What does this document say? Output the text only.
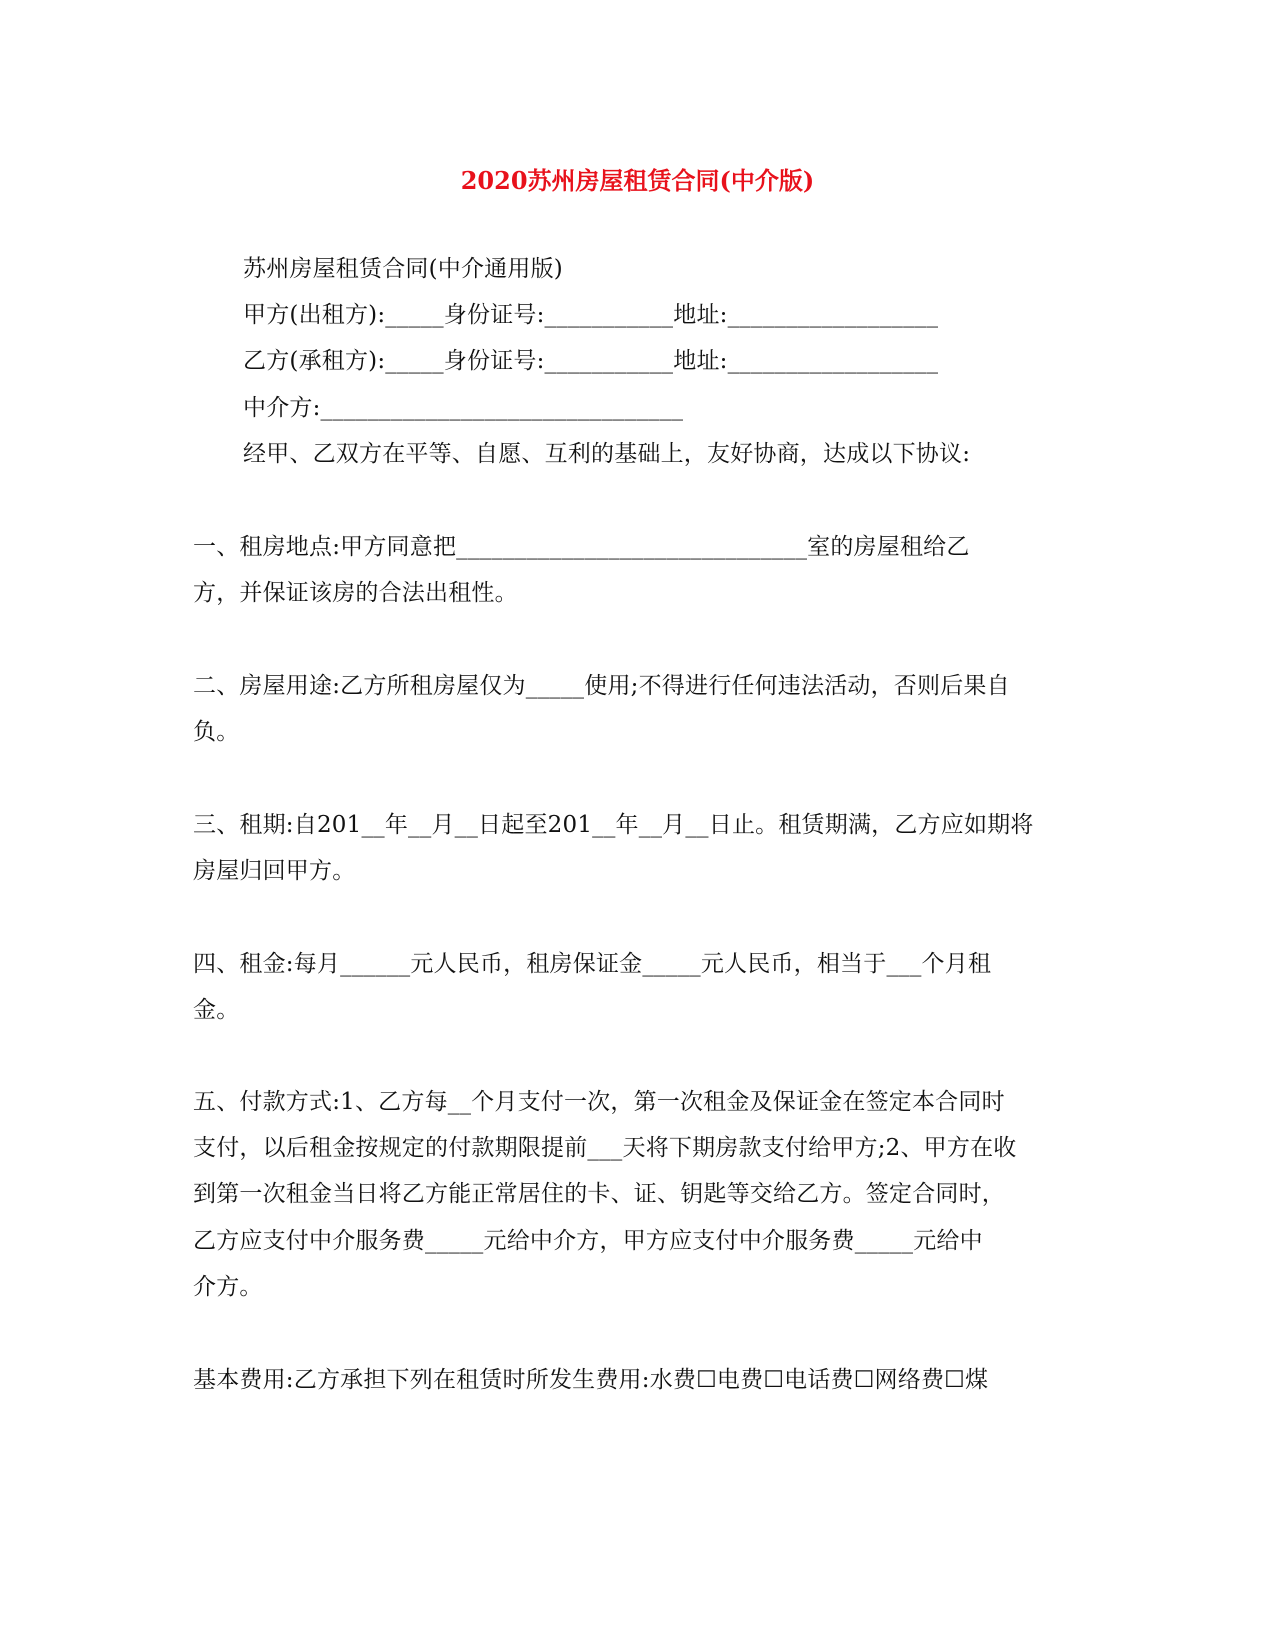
2020苏州房屋租赁合同(中介版)
苏州房屋租赁合同(中介通用版)
甲方(出租方):_____身份证号:___________地址:__________________
乙方(承租方):_____身份证号:___________地址:__________________
中介方:_______________________________
经甲、乙双方在平等、自愿、互利的基础上，友好协商，达成以下协议:
一、租房地点:甲方同意把______________________________室的房屋租给乙
方，并保证该房的合法出租性。
二、房屋用途:乙方所租房屋仅为_____使用;不得进行任何违法活动，否则后果自
负。
三、租期:自201__年__月__日起至201__年__月__日止。租赁期满，乙方应如期将
房屋归回甲方。
四、租金:每月______元人民币，租房保证金_____元人民币，相当于___个月租
金。
五、付款方式:1、乙方每__个月支付一次，第一次租金及保证金在签定本合同时
支付，以后租金按规定的付款期限提前___天将下期房款支付给甲方;2、甲方在收
到第一次租金当日将乙方能正常居住的卡、证、钥匙等交给乙方。签定合同时，
乙方应支付中介服务费_____元给中介方，甲方应支付中介服务费_____元给中
介方。
基本费用:乙方承担下列在租赁时所发生费用:水费☐电费☐电话费☐网络费☐煤
